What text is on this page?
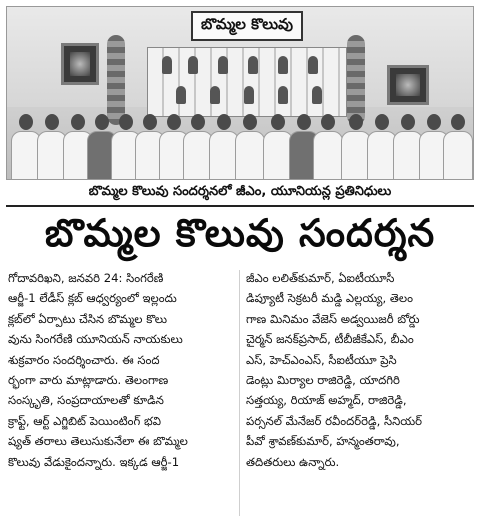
బొమ్మల కొలువు
బొమ్మల కొలువు సందర్శనలో జీఎం, యూనియన్ల ప్రతినిధులు
బొమ్మల కొలువు సందర్శన
గోదావరిఖని, జనవరి 24: సింగరేణి
ఆర్జీ-1 లేడీస్ క్లబ్ ఆధ్వర్యంలో ఇల్లందు
క్లబ్‌లో ఏర్పాటు చేసిన బొమ్మల కొలు
వును సింగరేణి యూనియన్ నాయకులు
శుక్రవారం సందర్శించారు. ఈ సంద
ర్భంగా వారు మాట్లాడారు. తెలంగాణ
సంస్కృతి, సంప్రదాయాలతో కూడిన
క్రాఫ్ట్, ఆర్ట్ ఎగ్జిబిట్ పెయింటింగ్ భవి
ష్యత్ తరాలు తెలుసుకునేలా ఈ బొమ్మల
కొలువు వేడుకైందన్నారు. ఇక్కడ ఆర్జీ-1
జీఎం లలిత్‌కుమార్, ఏఐటీయూసీ
డిప్యూటీ సెక్రటరీ మడ్డి ఎల్లయ్య, తెలం
గాణ మినిమం వేజెస్ అడ్వయిజరీ బోర్డు
చైర్మన్ జనక్‌ప్రసాద్, టీబీజీకేఎస్, బీఎం
ఎస్, హెచ్‌ఎంఎస్, సీఐటీయూ ప్రెసి
డెంట్లు మిర్యాల రాజిరెడ్డి, యాదగిరి
సత్తయ్య, రియాజ్ అహ్మద్, రాజిరెడ్డి,
పర్సనల్ మేనేజర్ రవీందర్‌రెడ్డి, సీనియర్
పీవో శ్రావణ్‌కుమార్, హన్మంతరావు,
తదితరులు ఉన్నారు.
